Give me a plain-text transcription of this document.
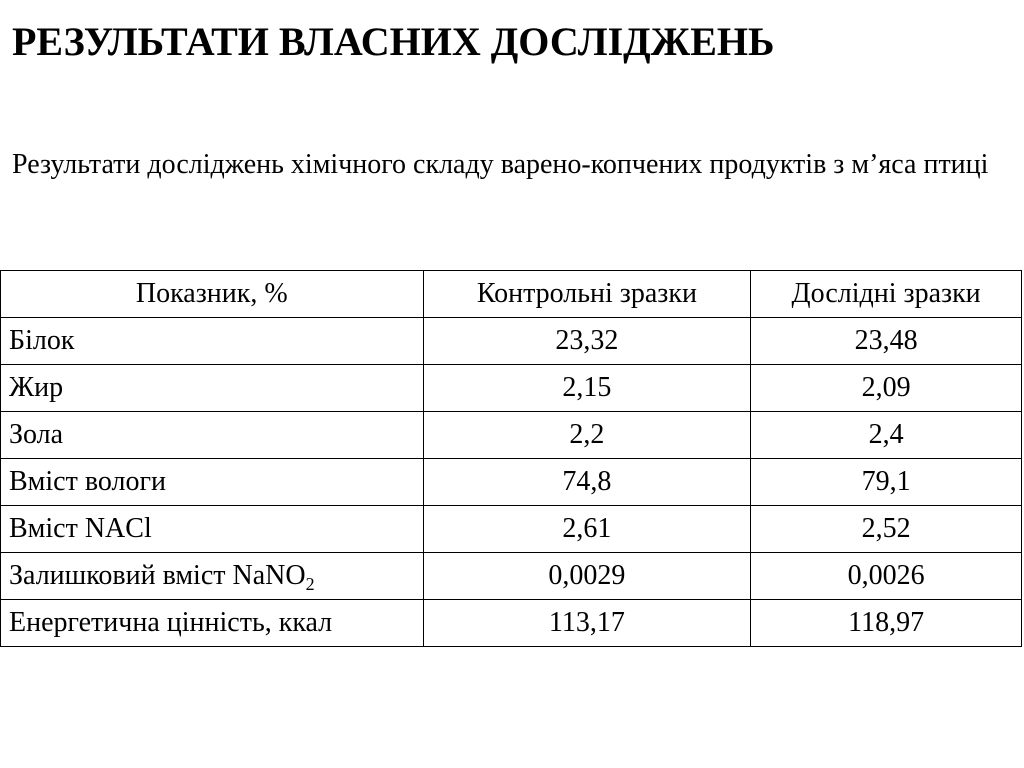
РЕЗУЛЬТАТИ ВЛАСНИХ ДОСЛІДЖЕНЬ
Результати досліджень хімічного складу варено-копчених продуктів з м’яса птиці
Показник, %	Контрольні зразки	Дослідні зразки
Білок	23,32	23,48
Жир	2,15	2,09
Зола	2,2	2,4
Вміст вологи	74,8	79,1
Вміст NACl	2,61	2,52
Залишковий вміст NaNO$_2$	0,0029	0,0026
Енергетична цінність, ккал	113,17	118,97
